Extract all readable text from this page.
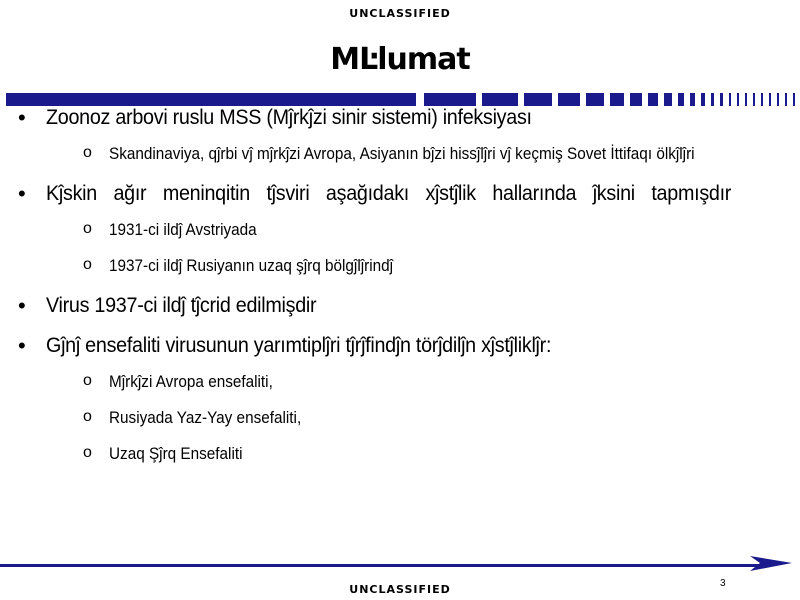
UNCLASSIFIED
MĿlumat
• Zoonoz arbovi ruslu MSS (Mĵrkĵzi sinir sistemi) infeksiyası
o Skandinaviya, qĵrbi vĵ mĵrkĵzi Avropa, Asiyanın bĵzi hissĵlĵri vĵ keçmiş Sovet İttifaqı ölkĵlĵri
• Kĵskin ağır meninqitin tĵsviri aşağıdakı xĵstĵlik hallarında ĵksini tapmışdır
o 1931-ci ildĵ Avstriyada
o 1937-ci ildĵ Rusiyanın uzaq şĵrq bölgĵlĵrindĵ
• Virus 1937-ci ildĵ tĵcrid edilmişdir
• Gĵnĵ ensefaliti virusunun yarımtiplĵri tĵrĵfindĵn törĵdilĵn xĵstĵliklĵr:
o Mĵrkĵzi Avropa ensefaliti,
o Rusiyada Yaz-Yay ensefaliti,
o Uzaq Şĵrq Ensefaliti
UNCLASSIFIED	3
